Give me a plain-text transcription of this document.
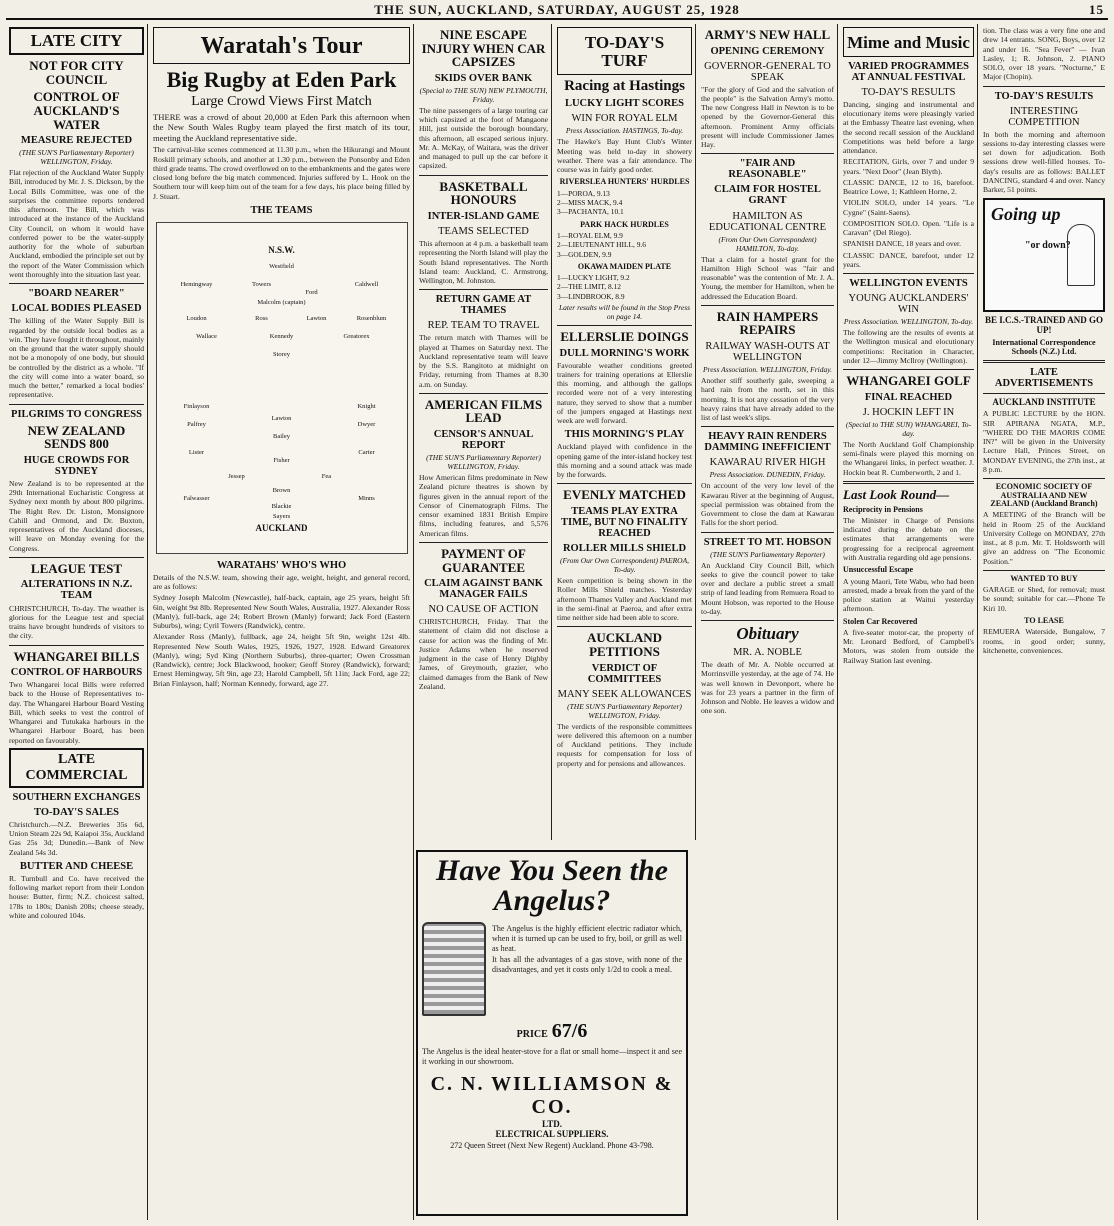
THE SUN, AUCKLAND, SATURDAY, AUGUST 25, 1928	15
LATE CITY
NOT FOR CITY COUNCIL
CONTROL OF AUCKLAND'S WATER
MEASURE REJECTED
(THE SUN'S Parliamentary Reporter) WELLINGTON, Friday.
Flat rejection of the Auckland Water Supply Bill, introduced by Mr. J. S. Dickson, by the Local Bills Committee, was one of the surprises the committee reports tendered this afternoon. The Bill, which was introduced at the instance of the Auckland City Council, on whom it would have conferred power to be the water-supply authority for the whole of suburban Auckland, embodied the principle set out by the report of the Water Commission which went thoroughly into the situation last year.
"BOARD NEARER"
LOCAL BODIES PLEASED
The killing of the Water Supply Bill is regarded by the outside local bodies as a win. They have fought it throughout, mainly on the ground that the water supply should not be a monopoly of one body, but should be controlled by the district as a whole. "If the city will come into a water board, so much the better," remarked a local bodies' representative.
PILGRIMS TO CONGRESS
NEW ZEALAND SENDS 800
HUGE CROWDS FOR SYDNEY
New Zealand is to be represented at the 29th International Eucharistic Congress at Sydney next month by about 800 pilgrims. The Right Rev. Dr. Liston, Monsignore Cahill and Ormond, and Dr. Buxton, representatives of the Auckland dioceses, will leave on Monday evening for the Congress.
LEAGUE TEST
ALTERATIONS IN N.Z. TEAM
CHRISTCHURCH, To-day. The weather is glorious for the League test and special trains have brought hundreds of visitors to the city.
WHANGAREI BILLS
CONTROL OF HARBOURS
Two Whangarei local Bills were referred back to the House of Representatives to-day. The Whangarei Harbour Board Vesting Bill, which seeks to vest the control of Whangarei and Tutukaka harbours in the Whangarei Harbour Board, has been reported on favourably.
LATE COMMERCIAL
SOUTHERN EXCHANGES
TO-DAY'S SALES
Christchurch.—N.Z. Breweries 35s 6d, Union Steam 22s 9d, Kaiapoi 35s, Auckland Gas 25s 3d; Dunedin.—Bank of New Zealand 54s 3d.
BUTTER AND CHEESE
R. Turnbull and Co. have received the following market report from their London house: Butter, firm; N.Z. choicest salted, 178s to 180s; Danish 208s; cheese steady, white and coloured 104s.
Waratah's Tour
Big Rugby at Eden Park
Large Crowd Views First Match
THERE was a crowd of about 20,000 at Eden Park this afternoon when the New South Wales Rugby team played the first match of its tour, meeting the Auckland representative side.
The carnival-like scenes commenced at 11.30 p.m., when the Hikurangi and Mount Roskill primary schools, and another at 1.30 p.m., between the Ponsonby and Eden third grade teams. The crowd overflowed on to the embankments and the gates were closed long before the big match commenced. Injuries suffered by L. Hook on the Southern tour will keep him out of the team for a few days, his place being filled by J. Stuart.
THE TEAMS
N.S.W.
AUCKLAND
Westfield
Hemingway	Towers	Caldwell
Malcolm (captain)
Ford
Loudon	Ross	Lawton	Rosenblum
Wallace	Kennedy	Greatorex
Storey
Finlayson	Knight
Palfrey
Lawton
Dwyer
Bailey
Lister	Carter
Fisher
Jessep	Fea
Brown
Falwasser
Blackie
Minns
Sayers
WARATAHS' WHO'S WHO
Details of the N.S.W. team, showing their age, weight, height, and general record, are as follows:
Sydney Joseph Malcolm (Newcastle), half-back, captain, age 25 years, height 5ft 6in, weight 9st 8lb. Represented New South Wales, Australia, 1927. Alexander Ross (Manly), full-back, age 24; Robert Brown (Manly) forward; Jack Ford (Eastern Suburbs), wing; Cyril Towers (Randwick), centre.
Alexander Ross (Manly), fullback, age 24, height 5ft 9in, weight 12st 4lb. Represented New South Wales, 1925, 1926, 1927, 1928. Edward Greatorex (Manly), wing; Syd King (Northern Suburbs), three-quarter; Owen Crossman (Randwick), centre; Jock Blackwood, hooker; Geoff Storey (Randwick), forward; Ernest Hemingway, 5ft 9in, age 23; Harold Campbell, 5ft 11in; Jack Ford, age 22; Brian Finlayson, half; Norman Kennedy, forward, age 27.
NINE ESCAPE INJURY WHEN CAR CAPSIZES
SKIDS OVER BANK
(Special to THE SUN) NEW PLYMOUTH, Friday.
The nine passengers of a large touring car which capsized at the foot of Mangaone Hill, just outside the borough boundary, this afternoon, all escaped serious injury. Mr. A. McKay, of Waitara, was the driver and managed to pull up the car before it capsized.
BASKETBALL HONOURS
INTER-ISLAND GAME
TEAMS SELECTED
This afternoon at 4 p.m. a basketball team representing the North Island will play the South Island representatives. The North Island team: Auckland, C. Armstrong, Wellington, M. Johnston.
RETURN GAME AT THAMES
REP. TEAM TO TRAVEL
The return match with Thames will be played at Thames on Saturday next. The Auckland representative team will leave by the S.S. Rangitoto at midnight on Friday, returning from Thames at 8.30 a.m. on Sunday.
AMERICAN FILMS LEAD
CENSOR'S ANNUAL REPORT
(THE SUN'S Parliamentary Reporter) WELLINGTON, Friday.
How American films predominate in New Zealand picture theatres is shown by figures given in the annual report of the Censor of Cinematograph Films. The censor examined 1831 British Empire films, including features, and 5,576 American films.
PAYMENT OF GUARANTEE
CLAIM AGAINST BANK MANAGER FAILS
NO CAUSE OF ACTION
CHRISTCHURCH, Friday. That the statement of claim did not disclose a cause for action was the finding of Mr. Justice Adams when he reserved judgment in the case of Henry Dighby James, of Greymouth, grazier, who claimed damages from the Bank of New Zealand.
TO-DAY'S TURF
Racing at Hastings
LUCKY LIGHT SCORES
WIN FOR ROYAL ELM
Press Association. HASTINGS, To-day.
The Hawke's Bay Hunt Club's Winter Meeting was held to-day in showery weather. There was a fair attendance. The course was in fairly good order.
RIVERSLEA HUNTERS' HURDLES
1—POROA, 9.13
2—MISS MACK, 9.4
3—PACHANTA, 10.1
PARK HACK HURDLES
1—ROYAL ELM, 9.9
2—LIEUTENANT HILL, 9.6
3—GOLDEN, 9.9
OKAWA MAIDEN PLATE
1—LUCKY LIGHT, 9.2
2—THE LIMIT, 8.12
3—LINDBROOK, 8.9
Later results will be found in the Stop Press on page 14.
ELLERSLIE DOINGS
DULL MORNING'S WORK
Favourable weather conditions greeted trainers for training operations at Ellerslie this morning, and although the gallops recorded were not of a very interesting nature, they served to show that a number of the jumpers engaged at Hastings next week are well forward.
THIS MORNING'S PLAY
Auckland played with confidence in the opening game of the inter-island hockey test this morning and a sound attack was made by the forwards.
EVENLY MATCHED
TEAMS PLAY EXTRA TIME, BUT NO FINALITY REACHED
ROLLER MILLS SHIELD
(From Our Own Correspondent) PAEROA, To-day.
Keen competition is being shown in the Roller Mills Shield matches. Yesterday afternoon Thames Valley and Auckland met in the semi-final at Paeroa, and after extra time neither side had been able to score.
AUCKLAND PETITIONS
VERDICT OF COMMITTEES
MANY SEEK ALLOWANCES
(THE SUN'S Parliamentary Reporter) WELLINGTON, Friday.
The verdicts of the responsible committees were delivered this afternoon on a number of Auckland petitions. They include requests for compensation for loss of property and for pensions and allowances.
Have You Seen the Angelus?
The Angelus is the highly efficient electric radiator which, when it is turned up can be used to fry, boil, or grill as well as heat.
It has all the advantages of a gas stove, with none of the disadvantages, and yet it costs only 1/2d to cook a meal.
PRICE 67/6
The Angelus is the ideal heater-stove for a flat or small home—inspect it and see it working in our showroom.
C. N. WILLIAMSON & CO.
LTD.
ELECTRICAL SUPPLIERS.
272 Queen Street (Next New Regent) Auckland. Phone 43-798.
ARMY'S NEW HALL
OPENING CEREMONY
GOVERNOR-GENERAL TO SPEAK
"For the glory of God and the salvation of the people" is the Salvation Army's motto. The new Congress Hall in Newton is to be opened by the Governor-General this afternoon. Prominent Army officials present will include Commissioner James Hay.
"FAIR AND REASONABLE"
CLAIM FOR HOSTEL GRANT
HAMILTON AS EDUCATIONAL CENTRE
(From Our Own Correspondent) HAMILTON, To-day.
That a claim for a hostel grant for the Hamilton High School was "fair and reasonable" was the contention of Mr. J. A. Young, the member for Hamilton, when he addressed the Education Board.
RAIN HAMPERS REPAIRS
RAILWAY WASH-OUTS AT WELLINGTON
Press Association. WELLINGTON, Friday.
Another stiff southerly gale, sweeping a hard rain from the north, set in this morning. It is not any cessation of the very heavy rains that have already added to the list of last week's slips.
HEAVY RAIN RENDERS DAMMING INEFFICIENT
KAWARAU RIVER HIGH
Press Association. DUNEDIN, Friday.
On account of the very low level of the Kawarau River at the beginning of August, special permission was obtained from the Government to close the dam at Kawarau Falls for the short period.
STREET TO MT. HOBSON
(THE SUN'S Parliamentary Reporter)
An Auckland City Council Bill, which seeks to give the council power to take over and declare a public street a small strip of land leading from Remuera Road to Mount Hobson, was reported to the House to-day.
Obituary
MR. A. NOBLE
The death of Mr. A. Noble occurred at Morrinsville yesterday, at the age of 74. He was well known in Devonport, where he was for 23 years a partner in the firm of Johnson and Noble. He leaves a widow and one son.
Mime and Music
VARIED PROGRAMMES AT ANNUAL FESTIVAL
TO-DAY'S RESULTS
Dancing, singing and instrumental and elocutionary items were pleasingly varied at the Embassy Theatre last evening, when the second recall session of the Auckland Competitions was held before a large attendance.
RECITATION, Girls, over 7 and under 9 years. "Next Door" (Jean Blyth).
CLASSIC DANCE, 12 to 16, barefoot. Beatrice Lowe, 1; Kathleen Horne, 2.
VIOLIN SOLO, under 14 years. "Le Cygne" (Saint-Saens).
COMPOSITION SOLO. Open. "Life is a Caravan" (Del Riego).
SPANISH DANCE, 18 years and over.
CLASSIC DANCE, barefoot, under 12 years.
WELLINGTON EVENTS
YOUNG AUCKLANDERS' WIN
Press Association. WELLINGTON, To-day.
The following are the results of events at the Wellington musical and elocutionary competitions: Recitation in Character, under 12—Jimmy McIlroy (Wellington).
WHANGAREI GOLF
FINAL REACHED
J. HOCKIN LEFT IN
(Special to THE SUN) WHANGAREI, To-day.
The North Auckland Golf Championship semi-finals were played this morning on the Whangarei links, in perfect weather. J. Hockin beat R. Cumberworth, 2 and 1.
Last Look Round—
Reciprocity in Pensions
The Minister in Charge of Pensions indicated during the debate on the estimates that arrangements were progressing for a reciprocal agreement with Australia regarding old age pensions.
Unsuccessful Escape
A young Maori, Tete Wabu, who had been arrested, made a break from the yard of the police station at Waitui yesterday afternoon.
Stolen Car Recovered
A five-seater motor-car, the property of Mr. Leonard Bedford, of Campbell's Motors, was stolen from outside the Railway Station last evening.
tion. The class was a very fine one and drew 14 entrants. SONG, Boys, over 12 and under 16. "Sea Fever" — Ivan Lasley, 1; R. Johnson, 2. PIANO SOLO, over 18 years. "Nocturne," E Major (Chopin).
TO-DAY'S RESULTS
INTERESTING COMPETITION
In both the morning and afternoon sessions to-day interesting classes were set down for adjudication. Both sessions drew well-filled houses. To-day's results are as follows: BALLET DANCING, standard 4 and over. Nancy Barker, 51 points.
Going up
"or down?
BE I.C.S.-TRAINED AND GO UP!
International Correspondence Schools (N.Z.) Ltd.
LATE ADVERTISEMENTS
AUCKLAND INSTITUTE
A PUBLIC LECTURE by the HON. SIR APIRANA NGATA, M.P., "WHERE DO THE MAORIS COME IN?" will be given in the University Lecture Hall, Princes Street, on MONDAY EVENING, the 27th inst., at 8 p.m.
ECONOMIC SOCIETY OF AUSTRALIA AND NEW ZEALAND (Auckland Branch)
A MEETING of the Branch will be held in Room 25 of the Auckland University College on MONDAY, 27th inst., at 8 p.m. Mr. T. Holdsworth will give an address on "The Economic Position."
WANTED TO BUY
GARAGE or Shed, for removal; must be sound; suitable for car.—Phone Te Kiri 10.
TO LEASE
REMUERA Waterside, Bungalow, 7 rooms, in good order; sunny, kitchenette, conveniences.
